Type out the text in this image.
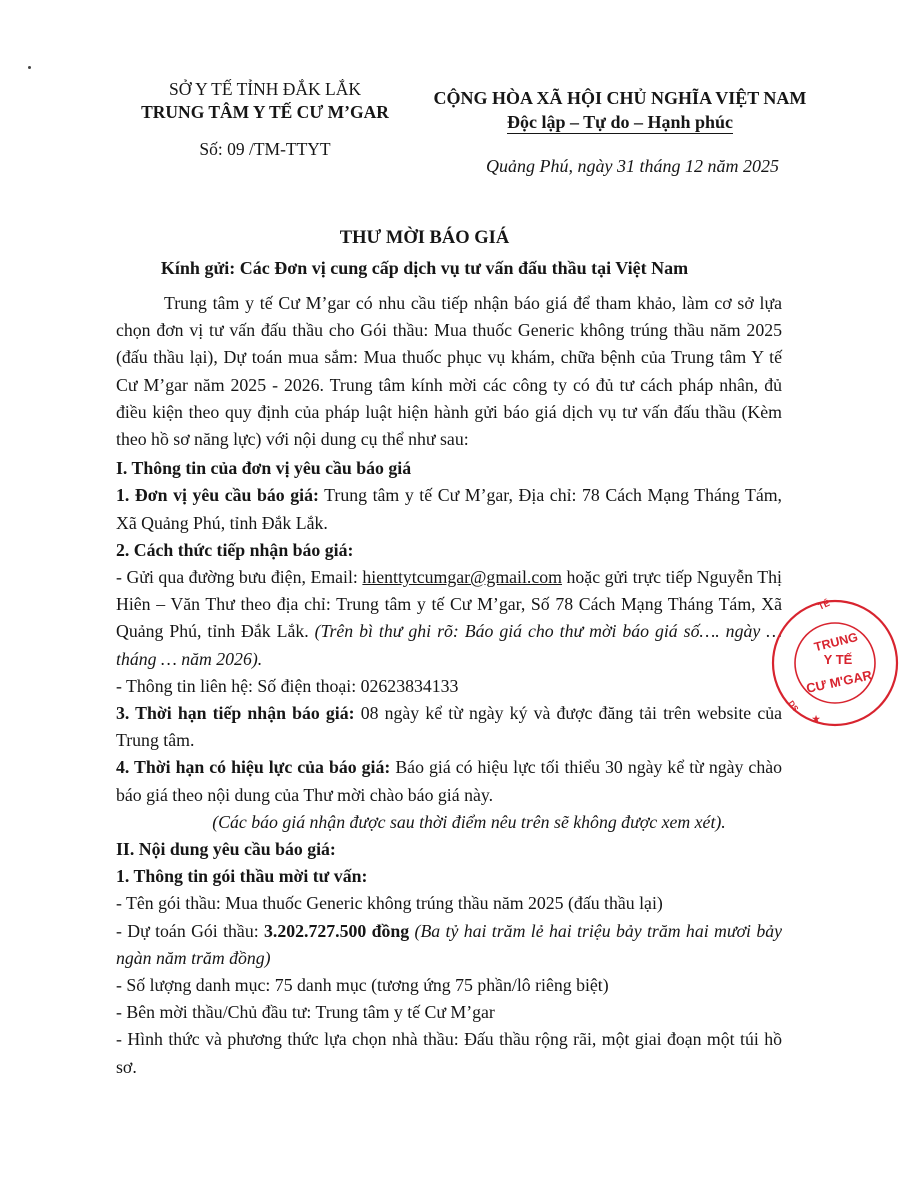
SỞ Y TẾ TỈNH ĐẮK LẮK
TRUNG TÂM Y TẾ CƯ M’GAR
Số: 09 /TM-TTYT
CỘNG HÒA XÃ HỘI CHỦ NGHĨA VIỆT NAM
Độc lập – Tự do – Hạnh phúc
Quảng Phú, ngày 31 tháng 12 năm 2025
THƯ MỜI BÁO GIÁ
Kính gửi: Các Đơn vị cung cấp dịch vụ tư vấn đấu thầu tại Việt Nam

Trung tâm y tế Cư M’gar có nhu cầu tiếp nhận báo giá để tham khảo, làm cơ sở lựa chọn đơn vị tư vấn đấu thầu cho Gói thầu: Mua thuốc Generic không trúng thầu năm 2025 (đấu thầu lại), Dự toán mua sắm: Mua thuốc phục vụ khám, chữa bệnh của Trung tâm Y tế Cư M’gar năm 2025 - 2026. Trung tâm kính mời các công ty có đủ tư cách pháp nhân, đủ điều kiện theo quy định của pháp luật hiện hành gửi báo giá dịch vụ tư vấn đấu thầu (Kèm theo hồ sơ năng lực) với nội dung cụ thể như sau:

I. Thông tin của đơn vị yêu cầu báo giá

1. Đơn vị yêu cầu báo giá: Trung tâm y tế Cư M’gar, Địa chỉ: 78 Cách Mạng Tháng Tám, Xã Quảng Phú, tỉnh Đắk Lắk.

2. Cách thức tiếp nhận báo giá:

- Gửi qua đường bưu điện, Email: hienttytcumgar@gmail.com hoặc gửi trực tiếp Nguyễn Thị Hiên – Văn Thư theo địa chỉ: Trung tâm y tế Cư M’gar, Số 78 Cách Mạng Tháng Tám, Xã Quảng Phú, tỉnh Đắk Lắk. (Trên bì thư ghi rõ: Báo giá cho thư mời báo giá số…. ngày … tháng … năm 2026).

- Thông tin liên hệ: Số điện thoại: 02623834133

3. Thời hạn tiếp nhận báo giá: 08 ngày kể từ ngày ký và được đăng tải trên website của Trung tâm.

4. Thời hạn có hiệu lực của báo giá: Báo giá có hiệu lực tối thiểu 30 ngày kể từ ngày chào báo giá theo nội dung của Thư mời chào báo giá này.

(Các báo giá nhận được sau thời điểm nêu trên sẽ không được xem xét).

II. Nội dung yêu cầu báo giá:

1. Thông tin gói thầu mời tư vấn:

- Tên gói thầu: Mua thuốc Generic không trúng thầu năm 2025 (đấu thầu lại)

- Dự toán Gói thầu: 3.202.727.500 đồng (Ba tỷ hai trăm lẻ hai triệu bảy trăm hai mươi bảy ngàn năm trăm đồng)

- Số lượng danh mục: 75 danh mục (tương ứng 75 phần/lô riêng biệt)

- Bên mời thầu/Chủ đầu tư: Trung tâm y tế Cư M’gar

- Hình thức và phương thức lựa chọn nhà thầu: Đấu thầu rộng rãi, một giai đoạn một túi hồ sơ.

TẾ
DS
TRUNG
Y TẾ
CƯ M'GAR
★
